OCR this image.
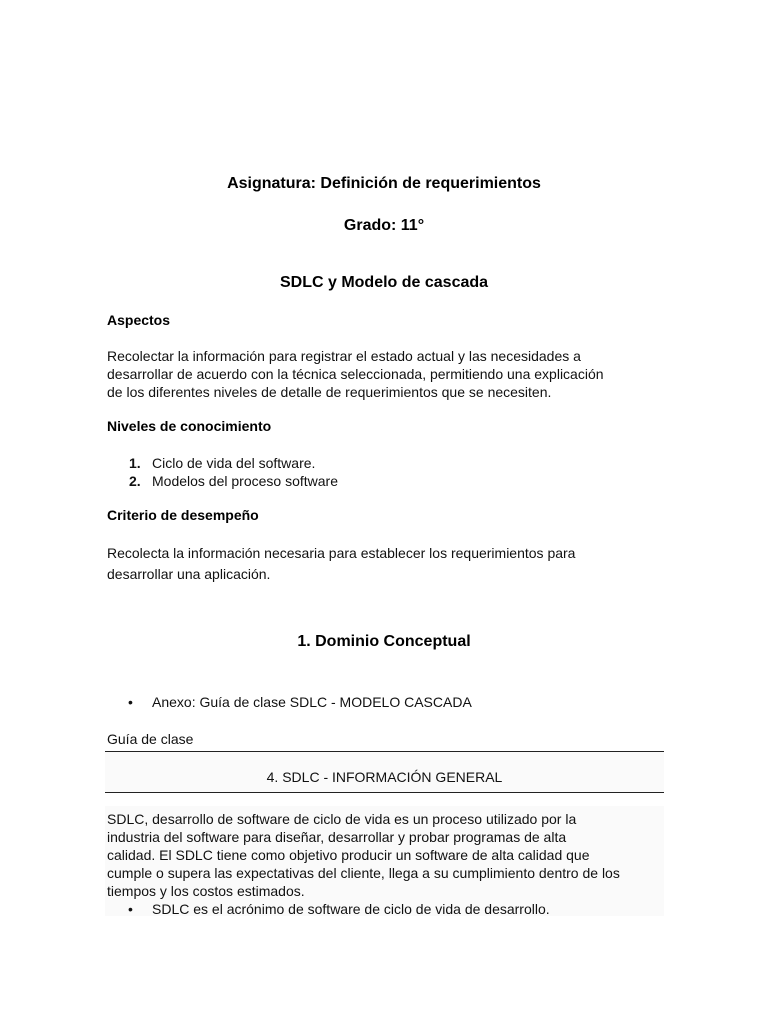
Asignatura: Definición de requerimientos

Grado: 11°

SDLC y Modelo de cascada

Aspectos

Recolectar la información para registrar el estado actual y las necesidades a
desarrollar de acuerdo con la técnica seleccionada, permitiendo una explicación
de los diferentes niveles de detalle de requerimientos que se necesiten.

Niveles de conocimiento

1. Ciclo de vida del software.
2. Modelos del proceso software

Criterio de desempeño

Recolecta la información necesaria para establecer los requerimientos para
desarrollar una aplicación.

1. Dominio Conceptual

• Anexo: Guía de clase SDLC - MODELO CASCADA

Guía de clase

4. SDLC - INFORMACIÓN GENERAL

SDLC, desarrollo de software de ciclo de vida es un proceso utilizado por la
industria del software para diseñar, desarrollar y probar programas de alta
calidad. El SDLC tiene como objetivo producir un software de alta calidad que
cumple o supera las expectativas del cliente, llega a su cumplimiento dentro de los
tiempos y los costos estimados.

• SDLC es el acrónimo de software de ciclo de vida de desarrollo.
